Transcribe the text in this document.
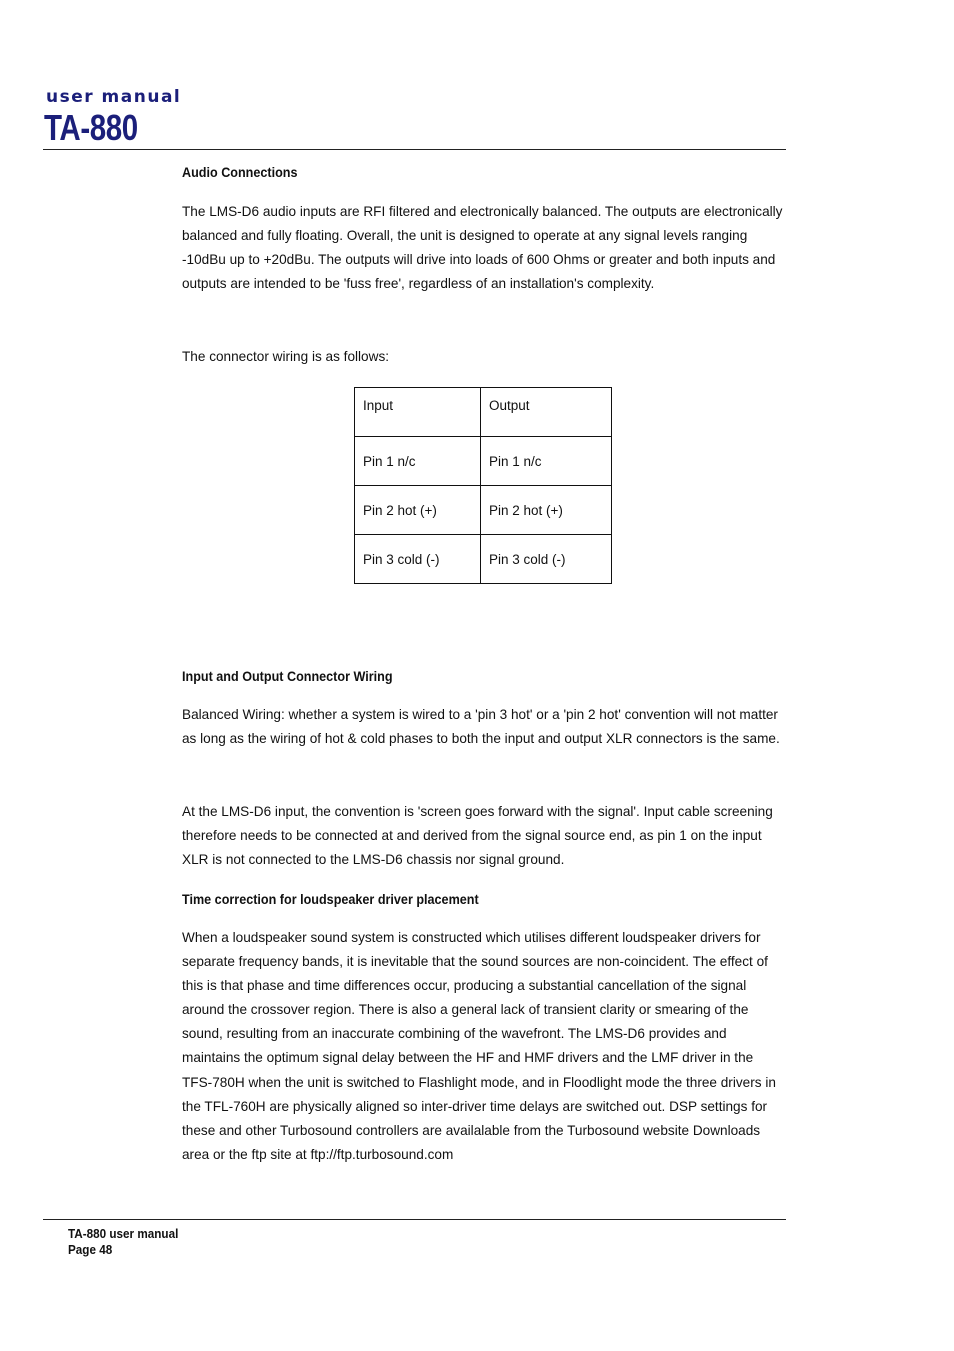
user manual
TA-880
Audio Connections

The LMS-D6 audio inputs are RFI filtered and electronically balanced. The outputs are electronically balanced and fully floating. Overall, the unit is designed to operate at any signal levels ranging -10dBu up to +20dBu. The outputs will drive into loads of 600 Ohms or greater and both inputs and outputs are intended to be 'fuss free', regardless of an installation's complexity.

The connector wiring is as follows:

Input	Output
Pin 1 n/c	Pin 1 n/c
Pin 2 hot (+)	Pin 2 hot (+)
Pin 3 cold (-)	Pin 3 cold (-)
Input and Output Connector Wiring

Balanced Wiring: whether a system is wired to a 'pin 3 hot' or a 'pin 2 hot' convention will not matter as long as the wiring of hot & cold phases to both the input and output XLR connectors is the same.

At the LMS-D6 input, the convention is 'screen goes forward with the signal'. Input cable screening therefore needs to be connected at and derived from the signal source end, as pin 1 on the input XLR is not connected to the LMS-D6 chassis nor signal ground.

Time correction for loudspeaker driver placement

When a loudspeaker sound system is constructed which utilises different loudspeaker drivers for separate frequency bands, it is inevitable that the sound sources are non-coincident. The effect of this is that phase and time differences occur, producing a substantial cancellation of the signal around the crossover region. There is also a general lack of transient clarity or smearing of the sound, resulting from an inaccurate combining of the wavefront. The LMS-D6 provides and maintains the optimum signal delay between the HF and HMF drivers and the LMF driver in the TFS-780H when the unit is switched to Flashlight mode, and in Floodlight mode the three drivers in the TFL-760H are physically aligned so inter-driver time delays are switched out. DSP settings for these and other Turbosound controllers are availalable from the Turbosound website Downloads area or the ftp site at ftp://ftp.turbosound.com

TA-880 user manual
Page 48
